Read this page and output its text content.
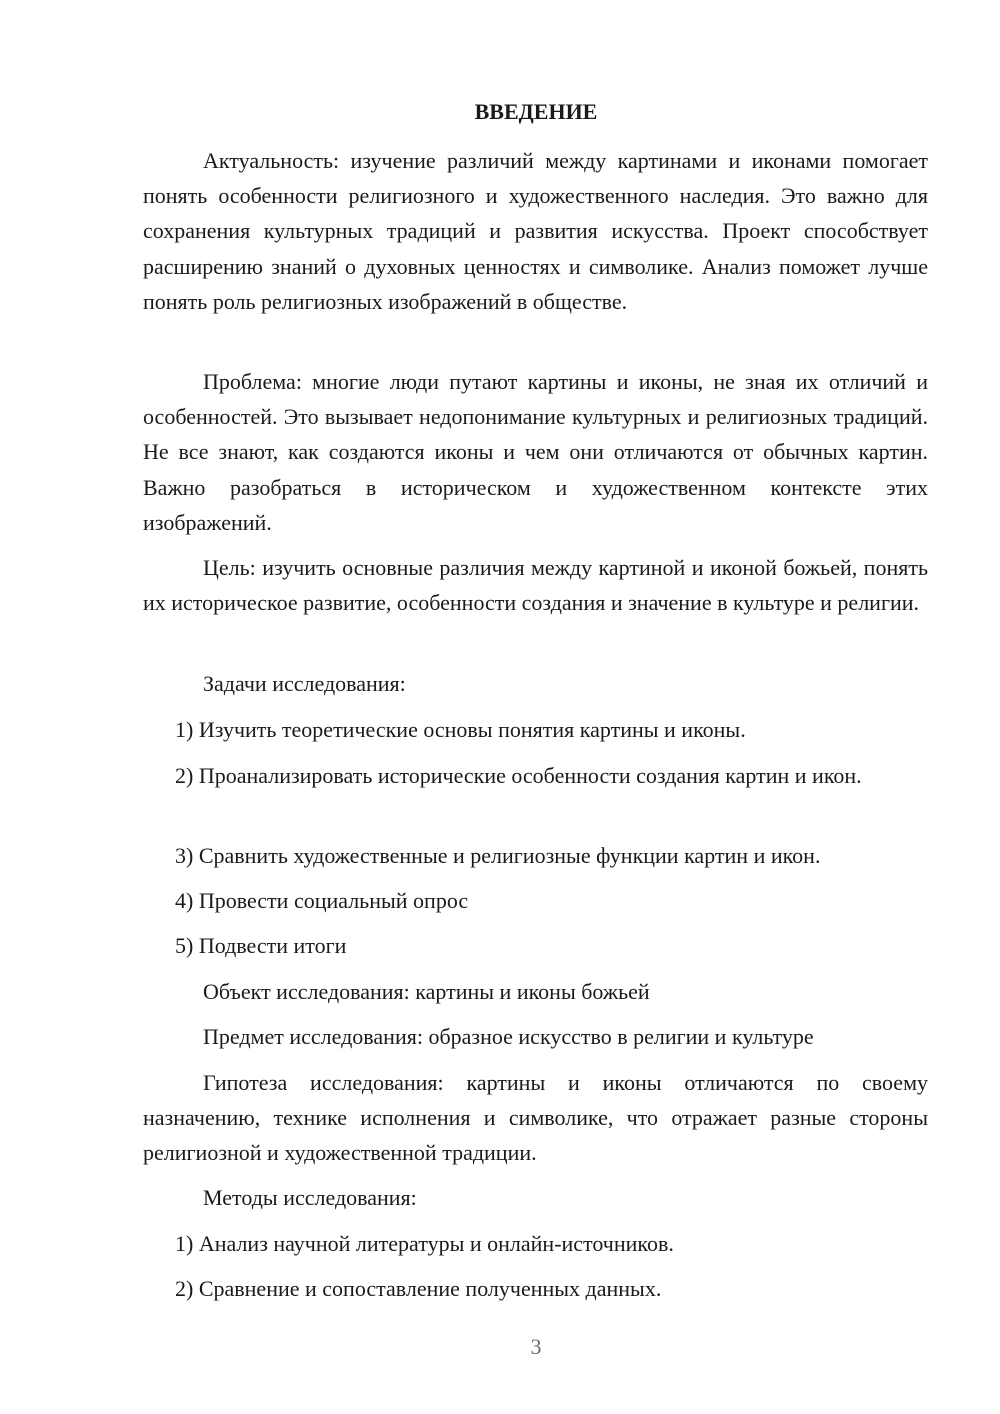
ВВЕДЕНИЕ
Актуальность: изучение различий между картинами и иконами помогает понять особенности религиозного и художественного наследия. Это важно для сохранения культурных традиций и развития искусства. Проект способствует расширению знаний о духовных ценностях и символике. Анализ поможет лучше понять роль религиозных изображений в обществе.
Проблема: многие люди путают картины и иконы, не зная их отличий и особенностей. Это вызывает недопонимание культурных и религиозных традиций. Не все знают, как создаются иконы и чем они отличаются от обычных картин. Важно разобраться в историческом и художественном контексте этих изображений.
Цель: изучить основные различия между картиной и иконой божьей, понять их историческое развитие, особенности создания и значение в культуре и религии.
Задачи исследования:
1) Изучить теоретические основы понятия картины и иконы.
2) Проанализировать исторические особенности создания картин и икон.
3) Сравнить художественные и религиозные функции картин и икон.
4) Провести социальный опрос
5) Подвести итоги
Объект исследования: картины и иконы божьей
Предмет исследования: образное искусство в религии и культуре
Гипотеза исследования: картины и иконы отличаются по своему назначению, технике исполнения и символике, что отражает разные стороны религиозной и художественной традиции.
Методы исследования:
1) Анализ научной литературы и онлайн-источников.
2) Сравнение и сопоставление полученных данных.
3
